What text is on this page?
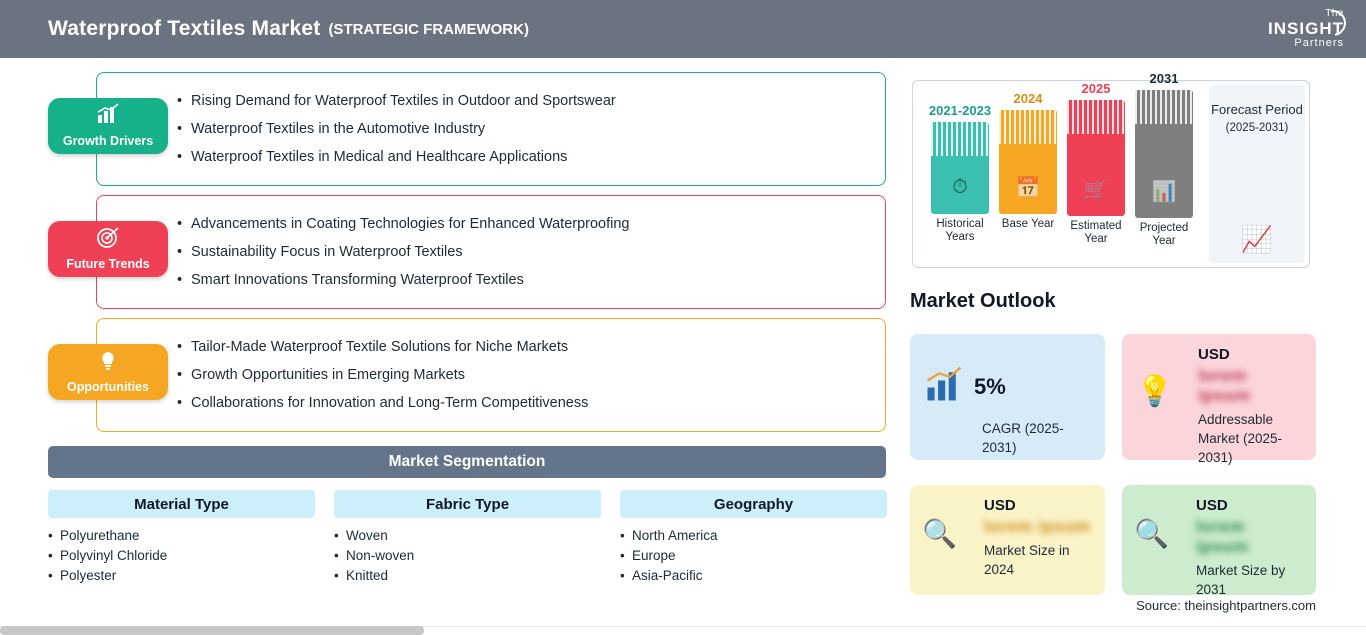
Waterproof Textiles Market (STRATEGIC FRAMEWORK)
The
INSIGHT
Partners
• Rising Demand for Waterproof Textiles in Outdoor and Sportswear
• Waterproof Textiles in the Automotive Industry
• Waterproof Textiles in Medical and Healthcare Applications
Growth Drivers
• Advancements in Coating Technologies for Enhanced Waterproofing
• Sustainability Focus in Waterproof Textiles
• Smart Innovations Transforming Waterproof Textiles
Future Trends
• Tailor-Made Waterproof Textile Solutions for Niche Markets
• Growth Opportunities in Emerging Markets
• Collaborations for Innovation and Long-Term Competitiveness
Opportunities
Market Segmentation
Material Type
• Polyurethane
• Polyvinyl Chloride
• Polyester
Fabric Type
• Woven
• Non-woven
• Knitted
Geography
• North America
• Europe
• Asia-Pacific
2021-2023
⏱
Historical Years
2024
📅
Base Year
2025
🛒
Estimated Year
2031
📊
Projected Year
Forecast Period
(2025-2031)
📈
Market Outlook
5%
CAGR (2025-2031)
💡
USD
lorem ipsum
Addressable Market (2025-2031)
🔍
USD
lorem ipsum
Market Size in 2024
🔍
USD
lorem ipsum
Market Size by 2031
Source: theinsightpartners.com
